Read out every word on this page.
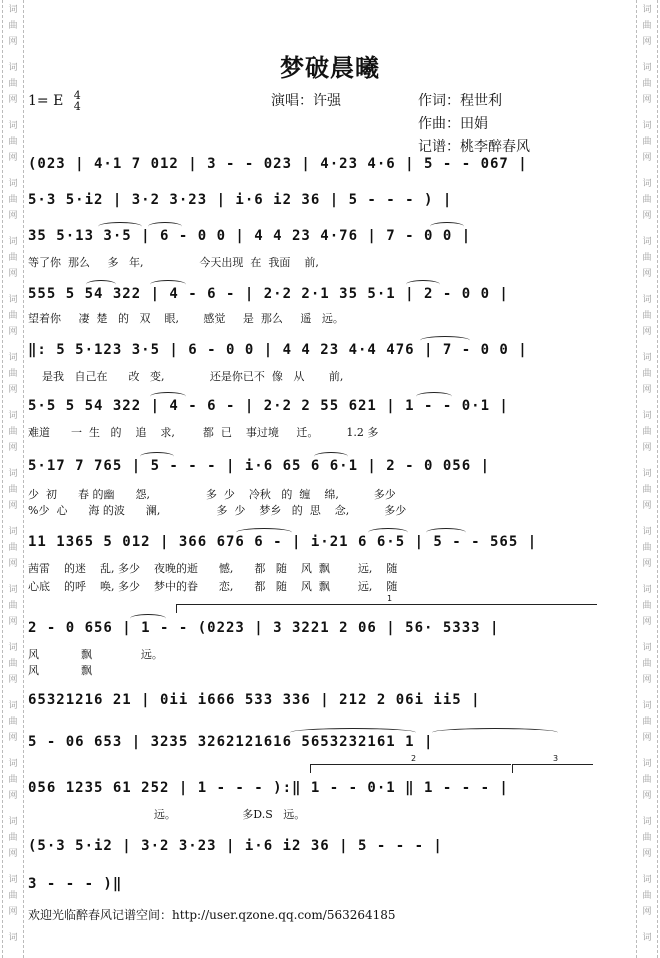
词
曲
网
词
曲
网
词
曲
网
词
曲
网
词
曲
网
词
曲
网
词
曲
网
词
曲
网
词
曲
网
词
曲
网
词
曲
网
词
曲
网
词
曲
网
词
曲
网
词
曲
网
词
曲
网
词
词
曲
网
词
曲
网
词
曲
网
词
曲
网
词
曲
网
词
曲
网
词
曲
网
词
曲
网
词
曲
网
词
曲
网
词
曲
网
词
曲
网
词
曲
网
词
曲
网
词
曲
网
词
曲
网
词
梦破晨曦
1= E 4
4	演唱：许强	作词：程世利
作曲：田娟
记谱：桃李醉春风
(023 | 4·1 7 012 | 3 - - 023 | 4·23 4·6 | 5 - - 067 |
5·3 5·i2 | 3·2 3·23 | i·6 i2 36 | 5 - - - ) |
35 5·13 3·5 | 6 - 0 0 | 4 4 23 4·76 | 7 - 0 0 |
等了你  那么     多   年,                今天出现  在  我面    前,
555 5 54 322 | 4 - 6 - | 2·2 2·1 35 5·1 | 2 - 0 0 |
望着你     凄  楚   的   双    眼,       感觉     是  那么     遥   远。
‖: 5 5·123 3·5 | 6 - 0 0 | 4 4 23 4·4 476 | 7 - 0 0 |
是我   自己在      改   变,             还是你已不  像   从       前,
5·5 5 54 322 | 4 - 6 - | 2·2 2 55 621 | 1 - - 0·1 |
难道      一  生   的    追    求,        都  已    事过境     迁。        1.2 多
5·17 7 765 | 5 - - - | i·6 65 6 6·1 | 2 - 0 056 |
少  初      春 的幽      怨,                多  少    冷秋   的  缠    绵,          多少
%少  心      海 的波      澜,                多  少    梦乡   的  思    念,          多少
11 1365 5 012 | 366 676 6 - | i·21 6 6·5 | 5 - - 565 |
茜雷    的迷    乱, 多少    夜晚的逝      憾,      都   随    风  飘        远,    随
心底    的呼    唤, 多少    梦中的眷      恋,      都   随    风  飘        远,    随
1
2 - 0 656 | 1 - - (0223 | 3 3221 2 06 | 56· 5333 |
风            飘              远。
风            飘
65321216 21 | 0ii i666 533 336 | 212 2 06i ii5 |
5 - 06 653 | 3235 3262121616 5653232161 1 |
2	3
056 1235 61 252 | 1 - - - ):‖ 1 - - 0·1 ‖ 1 - - - |
远。                   多D.S   远。
(5·3 5·i2 | 3·2 3·23 | i·6 i2 36 | 5 - - - |
3 - - - )‖
欢迎光临醉春风记谱空间：http://user.qzone.qq.com/563264185
